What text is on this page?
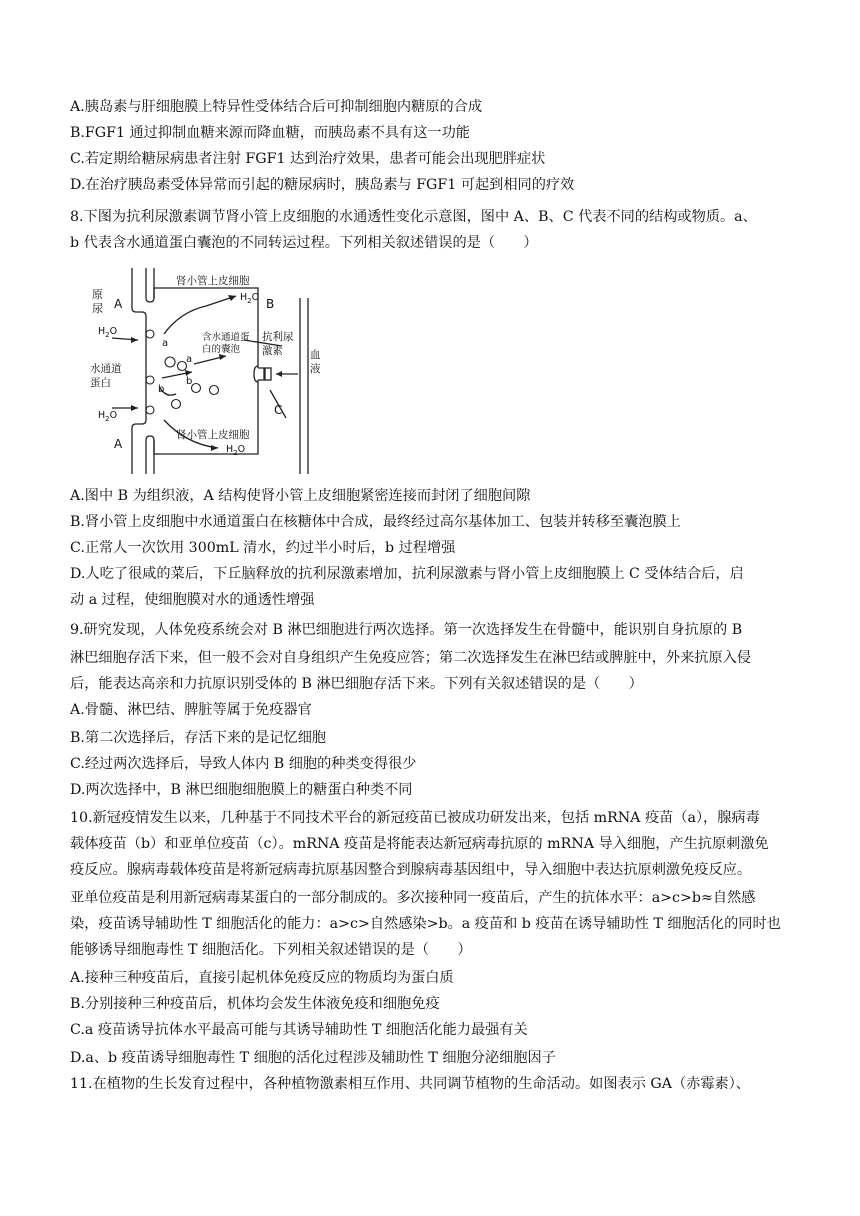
A.胰岛素与肝细胞膜上特异性受体结合后可抑制细胞内糖原的合成
B.FGF1 通过抑制血糖来源而降血糖，而胰岛素不具有这一功能
C.若定期给糖尿病患者注射 FGF1 达到治疗效果，患者可能会出现肥胖症状
D.在治疗胰岛素受体异常而引起的糖尿病时，胰岛素与 FGF1 可起到相同的疗效
8.下图为抗利尿激素调节肾小管上皮细胞的水通透性变化示意图，图中 A、B、C 代表不同的结构或物质。a、
b 代表含水通道蛋白囊泡的不同转运过程。下列相关叙述错误的是（　　）
肾小管上皮细胞
肾小管上皮细胞
原
尿 A
A
B
C
$H_2O$
$H_2O$
$H_2O$
$H_2O$
水通道
蛋白
含水通道蛋
白的囊泡
抗利尿
激素	血
液
a
a
b
b
A.图中 B 为组织液，A 结构使肾小管上皮细胞紧密连接而封闭了细胞间隙
B.肾小管上皮细胞中水通道蛋白在核糖体中合成，最终经过高尔基体加工、包装并转移至囊泡膜上
C.正常人一次饮用 300mL 清水，约过半小时后，b 过程增强
D.人吃了很咸的菜后，下丘脑释放的抗利尿激素增加，抗利尿激素与肾小管上皮细胞膜上 C 受体结合后，启
动 a 过程，使细胞膜对水的通透性增强
9.研究发现，人体免疫系统会对 B 淋巴细胞进行两次选择。第一次选择发生在骨髓中，能识别自身抗原的 B
淋巴细胞存活下来，但一般不会对自身组织产生免疫应答；第二次选择发生在淋巴结或脾脏中，外来抗原入侵
后，能表达高亲和力抗原识别受体的 B 淋巴细胞存活下来。下列有关叙述错误的是（　　）
A.骨髓、淋巴结、脾脏等属于免疫器官
B.第二次选择后，存活下来的是记忆细胞
C.经过两次选择后，导致人体内 B 细胞的种类变得很少
D.两次选择中，B 淋巴细胞细胞膜上的糖蛋白种类不同
10.新冠疫情发生以来，几种基于不同技术平台的新冠疫苗已被成功研发出来，包括 mRNA 疫苗（a），腺病毒
载体疫苗（b）和亚单位疫苗（c）。mRNA 疫苗是将能表达新冠病毒抗原的 mRNA 导入细胞，产生抗原刺激免
疫反应。腺病毒载体疫苗是将新冠病毒抗原基因整合到腺病毒基因组中，导入细胞中表达抗原刺激免疫反应。
亚单位疫苗是利用新冠病毒某蛋白的一部分制成的。多次接种同一疫苗后，产生的抗体水平：a>c>b≈自然感
染，疫苗诱导辅助性 T 细胞活化的能力：a>c>自然感染>b。a 疫苗和 b 疫苗在诱导辅助性 T 细胞活化的同时也
能够诱导细胞毒性 T 细胞活化。下列相关叙述错误的是（　　）
A.接种三种疫苗后，直接引起机体免疫反应的物质均为蛋白质
B.分别接种三种疫苗后，机体均会发生体液免疫和细胞免疫
C.a 疫苗诱导抗体水平最高可能与其诱导辅助性 T 细胞活化能力最强有关
D.a、b 疫苗诱导细胞毒性 T 细胞的活化过程涉及辅助性 T 细胞分泌细胞因子
11.在植物的生长发育过程中，各种植物激素相互作用、共同调节植物的生命活动。如图表示 GA（赤霉素）、
